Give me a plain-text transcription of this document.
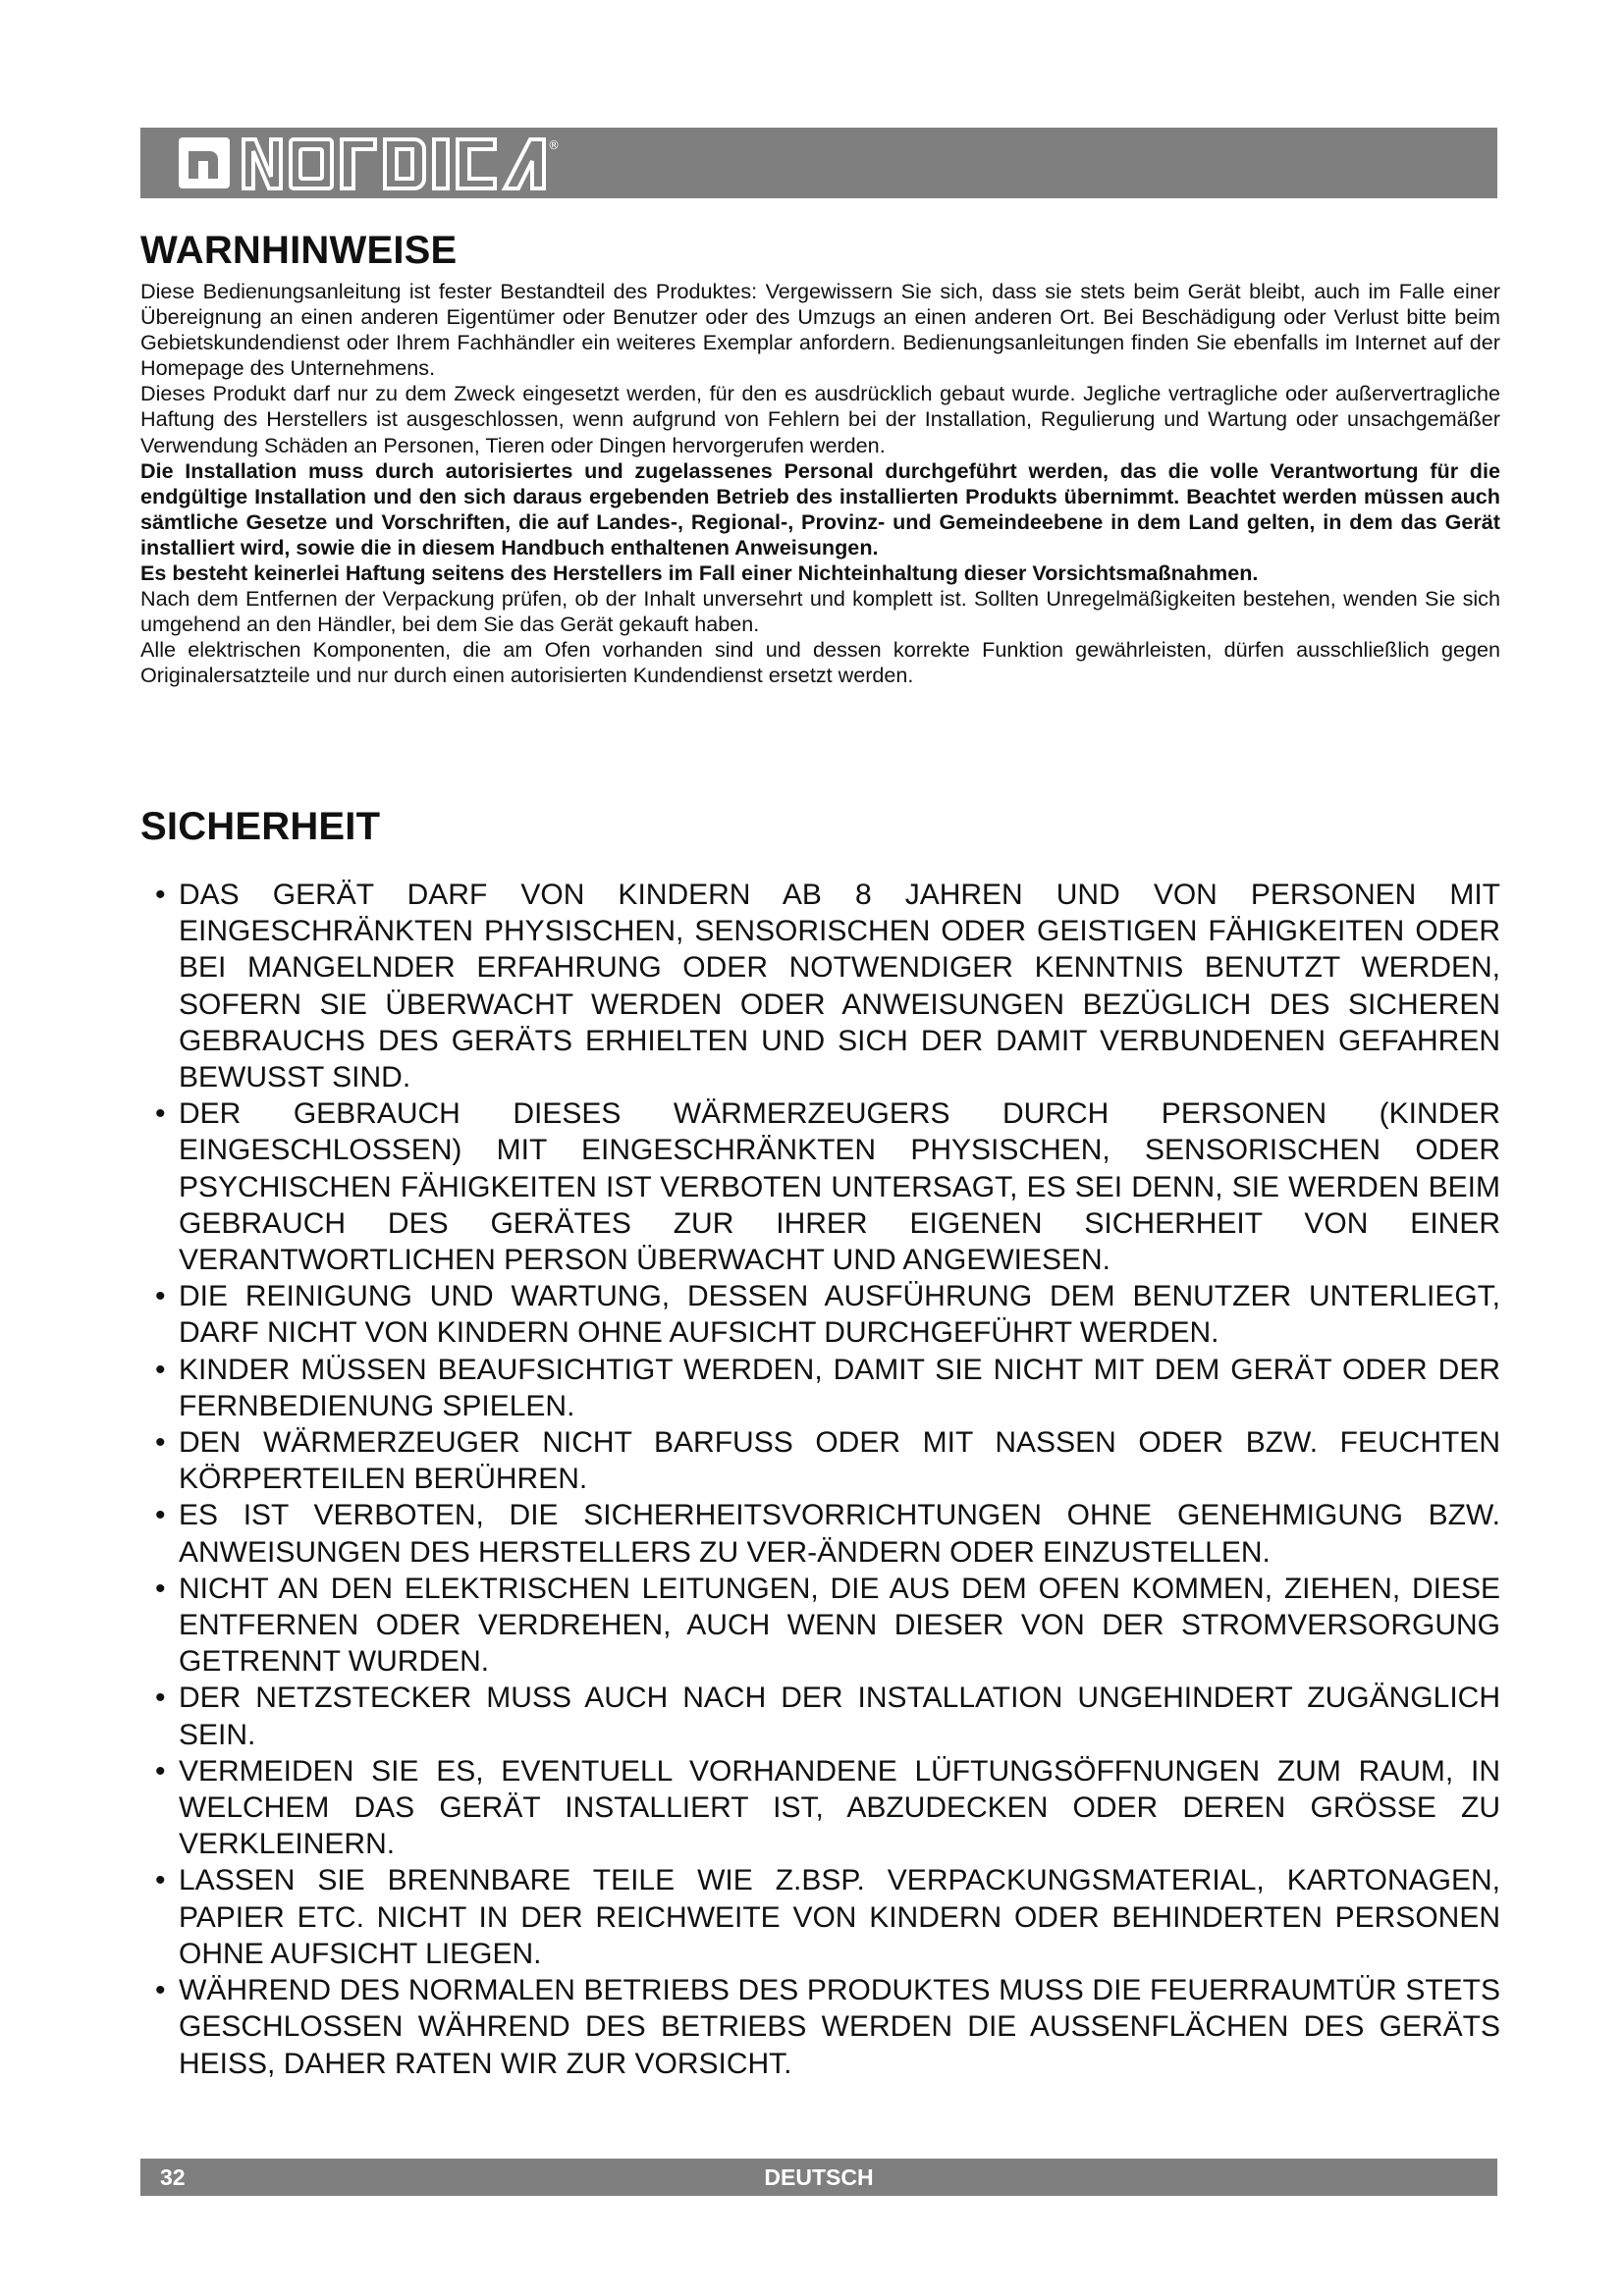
®
WARNHINWEISE

Diese Bedienungsanleitung ist fester Bestandteil des Produktes: Vergewissern Sie sich, dass sie stets beim Gerät bleibt, auch im Falle einer Übereignung an einen anderen Eigentümer oder Benutzer oder des Umzugs an einen anderen Ort. Bei Beschädigung oder Verlust bitte beim Gebietskundendienst oder Ihrem Fachhändler ein weiteres Exemplar anfordern. Bedienungsanleitungen finden Sie ebenfalls im Internet auf der Homepage des Unternehmens.

Dieses Produkt darf nur zu dem Zweck eingesetzt werden, für den es ausdrücklich gebaut wurde. Jegliche vertragliche oder außervertragliche Haftung des Herstellers ist ausgeschlossen, wenn aufgrund von Fehlern bei der Installation, Regulierung und Wartung oder unsachgemäßer Verwendung Schäden an Personen, Tieren oder Dingen hervorgerufen werden.

Die Installation muss durch autorisiertes und zugelassenes Personal durchgeführt werden, das die volle Verantwortung für die endgültige Installation und den sich daraus ergebenden Betrieb des installierten Produkts übernimmt. Beachtet werden müssen auch sämtliche Gesetze und Vorschriften, die auf Landes-, Regional-, Provinz- und Gemeindeebene in dem Land gelten, in dem das Gerät installiert wird, sowie die in diesem Handbuch enthaltenen Anweisungen.

Es besteht keinerlei Haftung seitens des Herstellers im Fall einer Nichteinhaltung dieser Vorsichtsmaßnahmen.

Nach dem Entfernen der Verpackung prüfen, ob der Inhalt unversehrt und komplett ist. Sollten Unregelmäßigkeiten bestehen, wenden Sie sich umgehend an den Händler, bei dem Sie das Gerät gekauft haben.

Alle elektrischen Komponenten, die am Ofen vorhanden sind und dessen korrekte Funktion gewährleisten, dürfen ausschließlich gegen Originalersatzteile und nur durch einen autorisierten Kundendienst ersetzt werden.

SICHERHEIT
• DAS GERÄT DARF VON KINDERN AB 8 JAHREN UND VON PERSONEN MIT EINGESCHRÄNKTEN PHYSISCHEN, SENSORISCHEN ODER GEISTIGEN FÄHIGKEITEN ODER BEI MANGELNDER ERFAHRUNG ODER NOTWENDIGER KENNTNIS BENUTZT WERDEN, SOFERN SIE ÜBERWACHT WERDEN ODER ANWEISUNGEN BEZÜGLICH DES SICHEREN GEBRAUCHS DES GERÄTS ERHIELTEN UND SICH DER DAMIT VERBUNDENEN GEFAHREN BEWUSST SIND.
• DER GEBRAUCH DIESES WÄRMERZEUGERS DURCH PERSONEN (KINDER EINGESCHLOSSEN) MIT EINGESCHRÄNKTEN PHYSISCHEN, SENSORISCHEN ODER PSYCHISCHEN FÄHIGKEITEN IST VERBOTEN UNTERSAGT, ES SEI DENN, SIE WERDEN BEIM GEBRAUCH DES GERÄTES ZUR IHRER EIGENEN SICHERHEIT VON EINER VERANTWORTLICHEN PERSON ÜBERWACHT UND ANGEWIESEN.
• DIE REINIGUNG UND WARTUNG, DESSEN AUSFÜHRUNG DEM BENUTZER UNTERLIEGT, DARF NICHT VON KINDERN OHNE AUFSICHT DURCHGEFÜHRT WERDEN.
• KINDER MÜSSEN BEAUFSICHTIGT WERDEN, DAMIT SIE NICHT MIT DEM GERÄT ODER DER FERNBEDIENUNG SPIELEN.
• DEN WÄRMERZEUGER NICHT BARFUSS ODER MIT NASSEN ODER BZW. FEUCHTEN KÖRPERTEILEN BERÜHREN.
• ES IST VERBOTEN, DIE SICHERHEITSVORRICHTUNGEN OHNE GENEHMIGUNG BZW. ANWEISUNGEN DES HERSTELLERS ZU VER-ÄNDERN ODER EINZUSTELLEN.
• NICHT AN DEN ELEKTRISCHEN LEITUNGEN, DIE AUS DEM OFEN KOMMEN, ZIEHEN, DIESE ENTFERNEN ODER VERDREHEN, AUCH WENN DIESER VON DER STROMVERSORGUNG GETRENNT WURDEN.
• DER NETZSTECKER MUSS AUCH NACH DER INSTALLATION UNGEHINDERT ZUGÄNGLICH SEIN.
• VERMEIDEN SIE ES, EVENTUELL VORHANDENE LÜFTUNGSÖFFNUNGEN ZUM RAUM, IN WELCHEM DAS GERÄT INSTALLIERT IST, ABZUDECKEN ODER DEREN GRÖSSE ZU VERKLEINERN.
• LASSEN SIE BRENNBARE TEILE WIE Z.BSP. VERPACKUNGSMATERIAL, KARTONAGEN, PAPIER ETC. NICHT IN DER REICHWEITE VON KINDERN ODER BEHINDERTEN PERSONEN OHNE AUFSICHT LIEGEN.
• WÄHREND DES NORMALEN BETRIEBS DES PRODUKTES MUSS DIE FEUERRAUMTÜR STETS GESCHLOSSEN WÄHREND DES BETRIEBS WERDEN DIE AUSSENFLÄCHEN DES GERÄTS HEISS, DAHER RATEN WIR ZUR VORSICHT.
32	DEUTSCH
